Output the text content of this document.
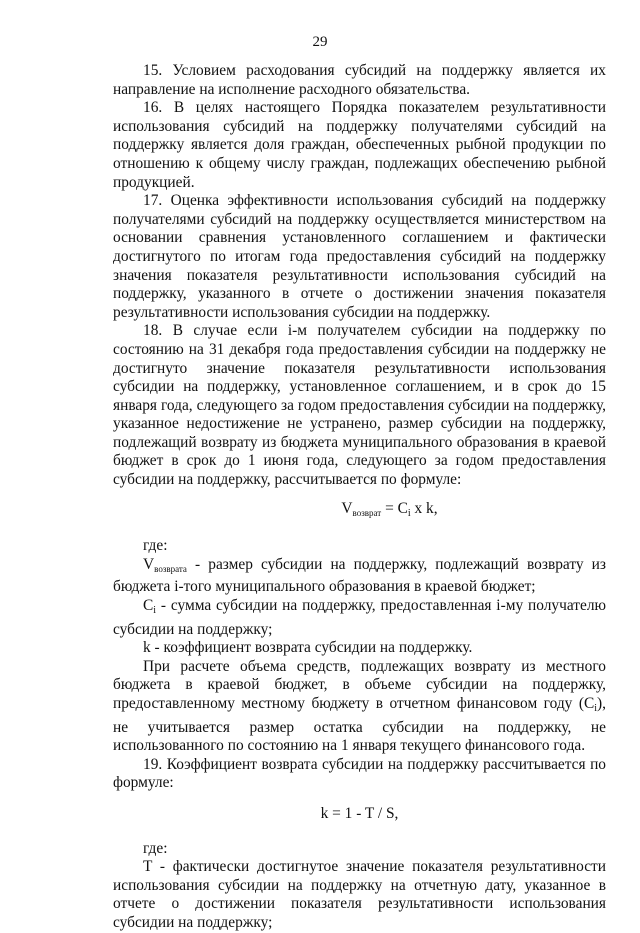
29

15. Условием расходования субсидий на поддержку является их направление на исполнение расходного обязательства.

16. В целях настоящего Порядка показателем результативности использования субсидий на поддержку получателями субсидий на поддержку является доля граждан, обеспеченных рыбной продукции по отношению к общему числу граждан, подлежащих обеспечению рыбной продукцией.

17. Оценка эффективности использования субсидий на поддержку получателями субсидий на поддержку осуществляется министерством на основании сравнения установленного соглашением и фактически достигнутого по итогам года предоставления субсидий на поддержку значения показателя результативности использования субсидий на поддержку, указанного в отчете о достижении значения показателя результативности использования субсидии на поддержку.

18. В случае если i-м получателем субсидии на поддержку по состоянию на 31 декабря года предоставления субсидии на поддержку не достигнуто значение показателя результативности использования субсидии на поддержку, установленное соглашением, и в срок до 15 января года, следующего за годом предоставления субсидии на поддержку, указанное недостижение не устранено, размер субсидии на поддержку, подлежащий возврату из бюджета муниципального образования в краевой бюджет в срок до 1 июня года, следующего за годом предоставления субсидии на поддержку, рассчитывается по формуле:

Vвозврат = Ci x k,

где:

Vвозврата - размер субсидии на поддержку, подлежащий возврату из бюджета i-того муниципального образования в краевой бюджет;

Ci - сумма субсидии на поддержку, предоставленная i-му получателю субсидии на поддержку;

k - коэффициент возврата субсидии на поддержку.

При расчете объема средств, подлежащих возврату из местного бюджета в краевой бюджет, в объеме субсидии на поддержку, предоставленному местному бюджету в отчетном финансовом году (Ci), не учитывается размер остатка субсидии на поддержку, не использованного по состоянию на 1 января текущего финансового года.

19. Коэффициент возврата субсидии на поддержку рассчитывается по формуле:

k = 1 - T / S,

где:

T - фактически достигнутое значение показателя результативности использования субсидии на поддержку на отчетную дату, указанное в отчете о достижении показателя результативности использования субсидии на поддержку;
